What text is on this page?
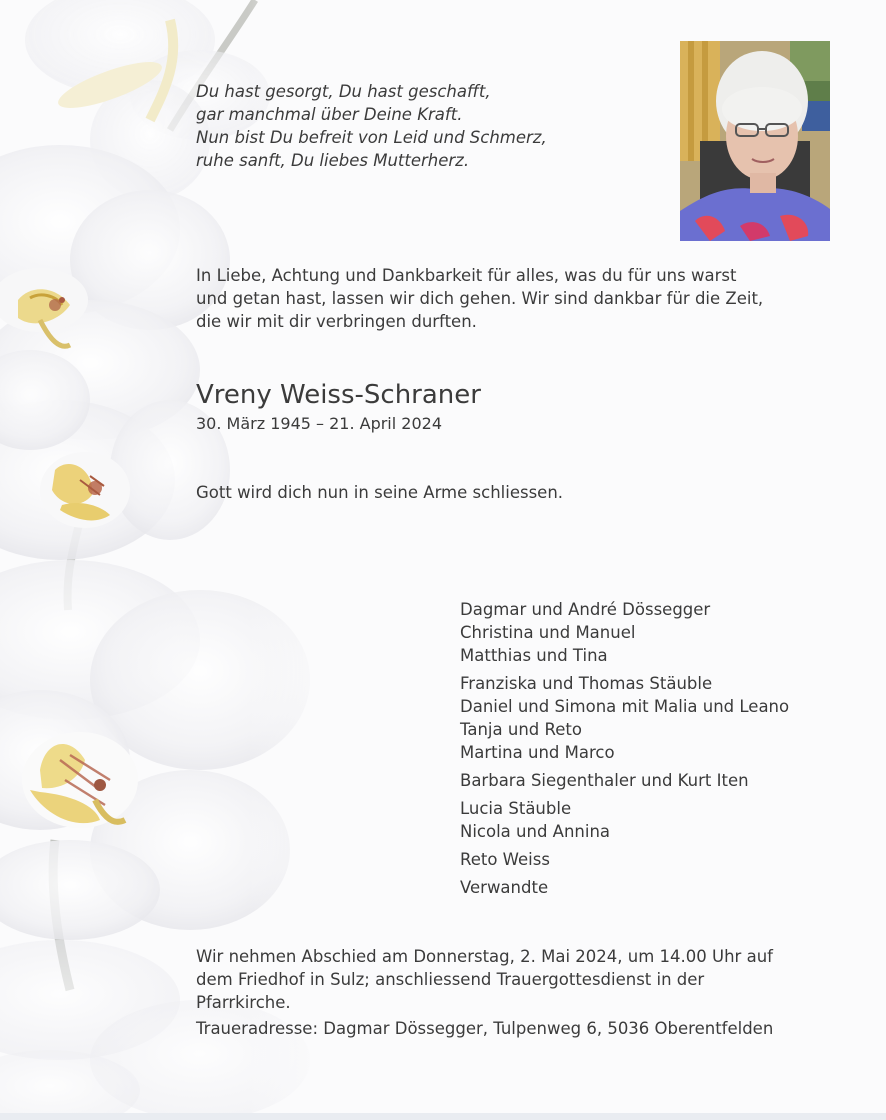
Du hast gesorgt, Du hast geschafft,
gar manchmal über Deine Kraft.
Nun bist Du befreit von Leid und Schmerz,
ruhe sanft, Du liebes Mutterherz.
In Liebe, Achtung und Dankbarkeit für alles, was du für uns warst
und getan hast, lassen wir dich gehen. Wir sind dankbar für die Zeit,
die wir mit dir verbringen durften.
Vreny Weiss-Schraner
30. März 1945 – 21. April 2024
Gott wird dich nun in seine Arme schliessen.
Dagmar und André Dössegger
Christina und Manuel
Matthias und Tina
Franziska und Thomas Stäuble
Daniel und Simona mit Malia und Leano
Tanja und Reto
Martina und Marco
Barbara Siegenthaler und Kurt Iten
Lucia Stäuble
Nicola und Annina
Reto Weiss
Verwandte
Wir nehmen Abschied am Donnerstag, 2. Mai 2024, um 14.00 Uhr auf
dem Friedhof in Sulz; anschliessend Trauergottesdienst in der
Pfarrkirche.
Traueradresse: Dagmar Dössegger, Tulpenweg 6, 5036 Oberentfelden
